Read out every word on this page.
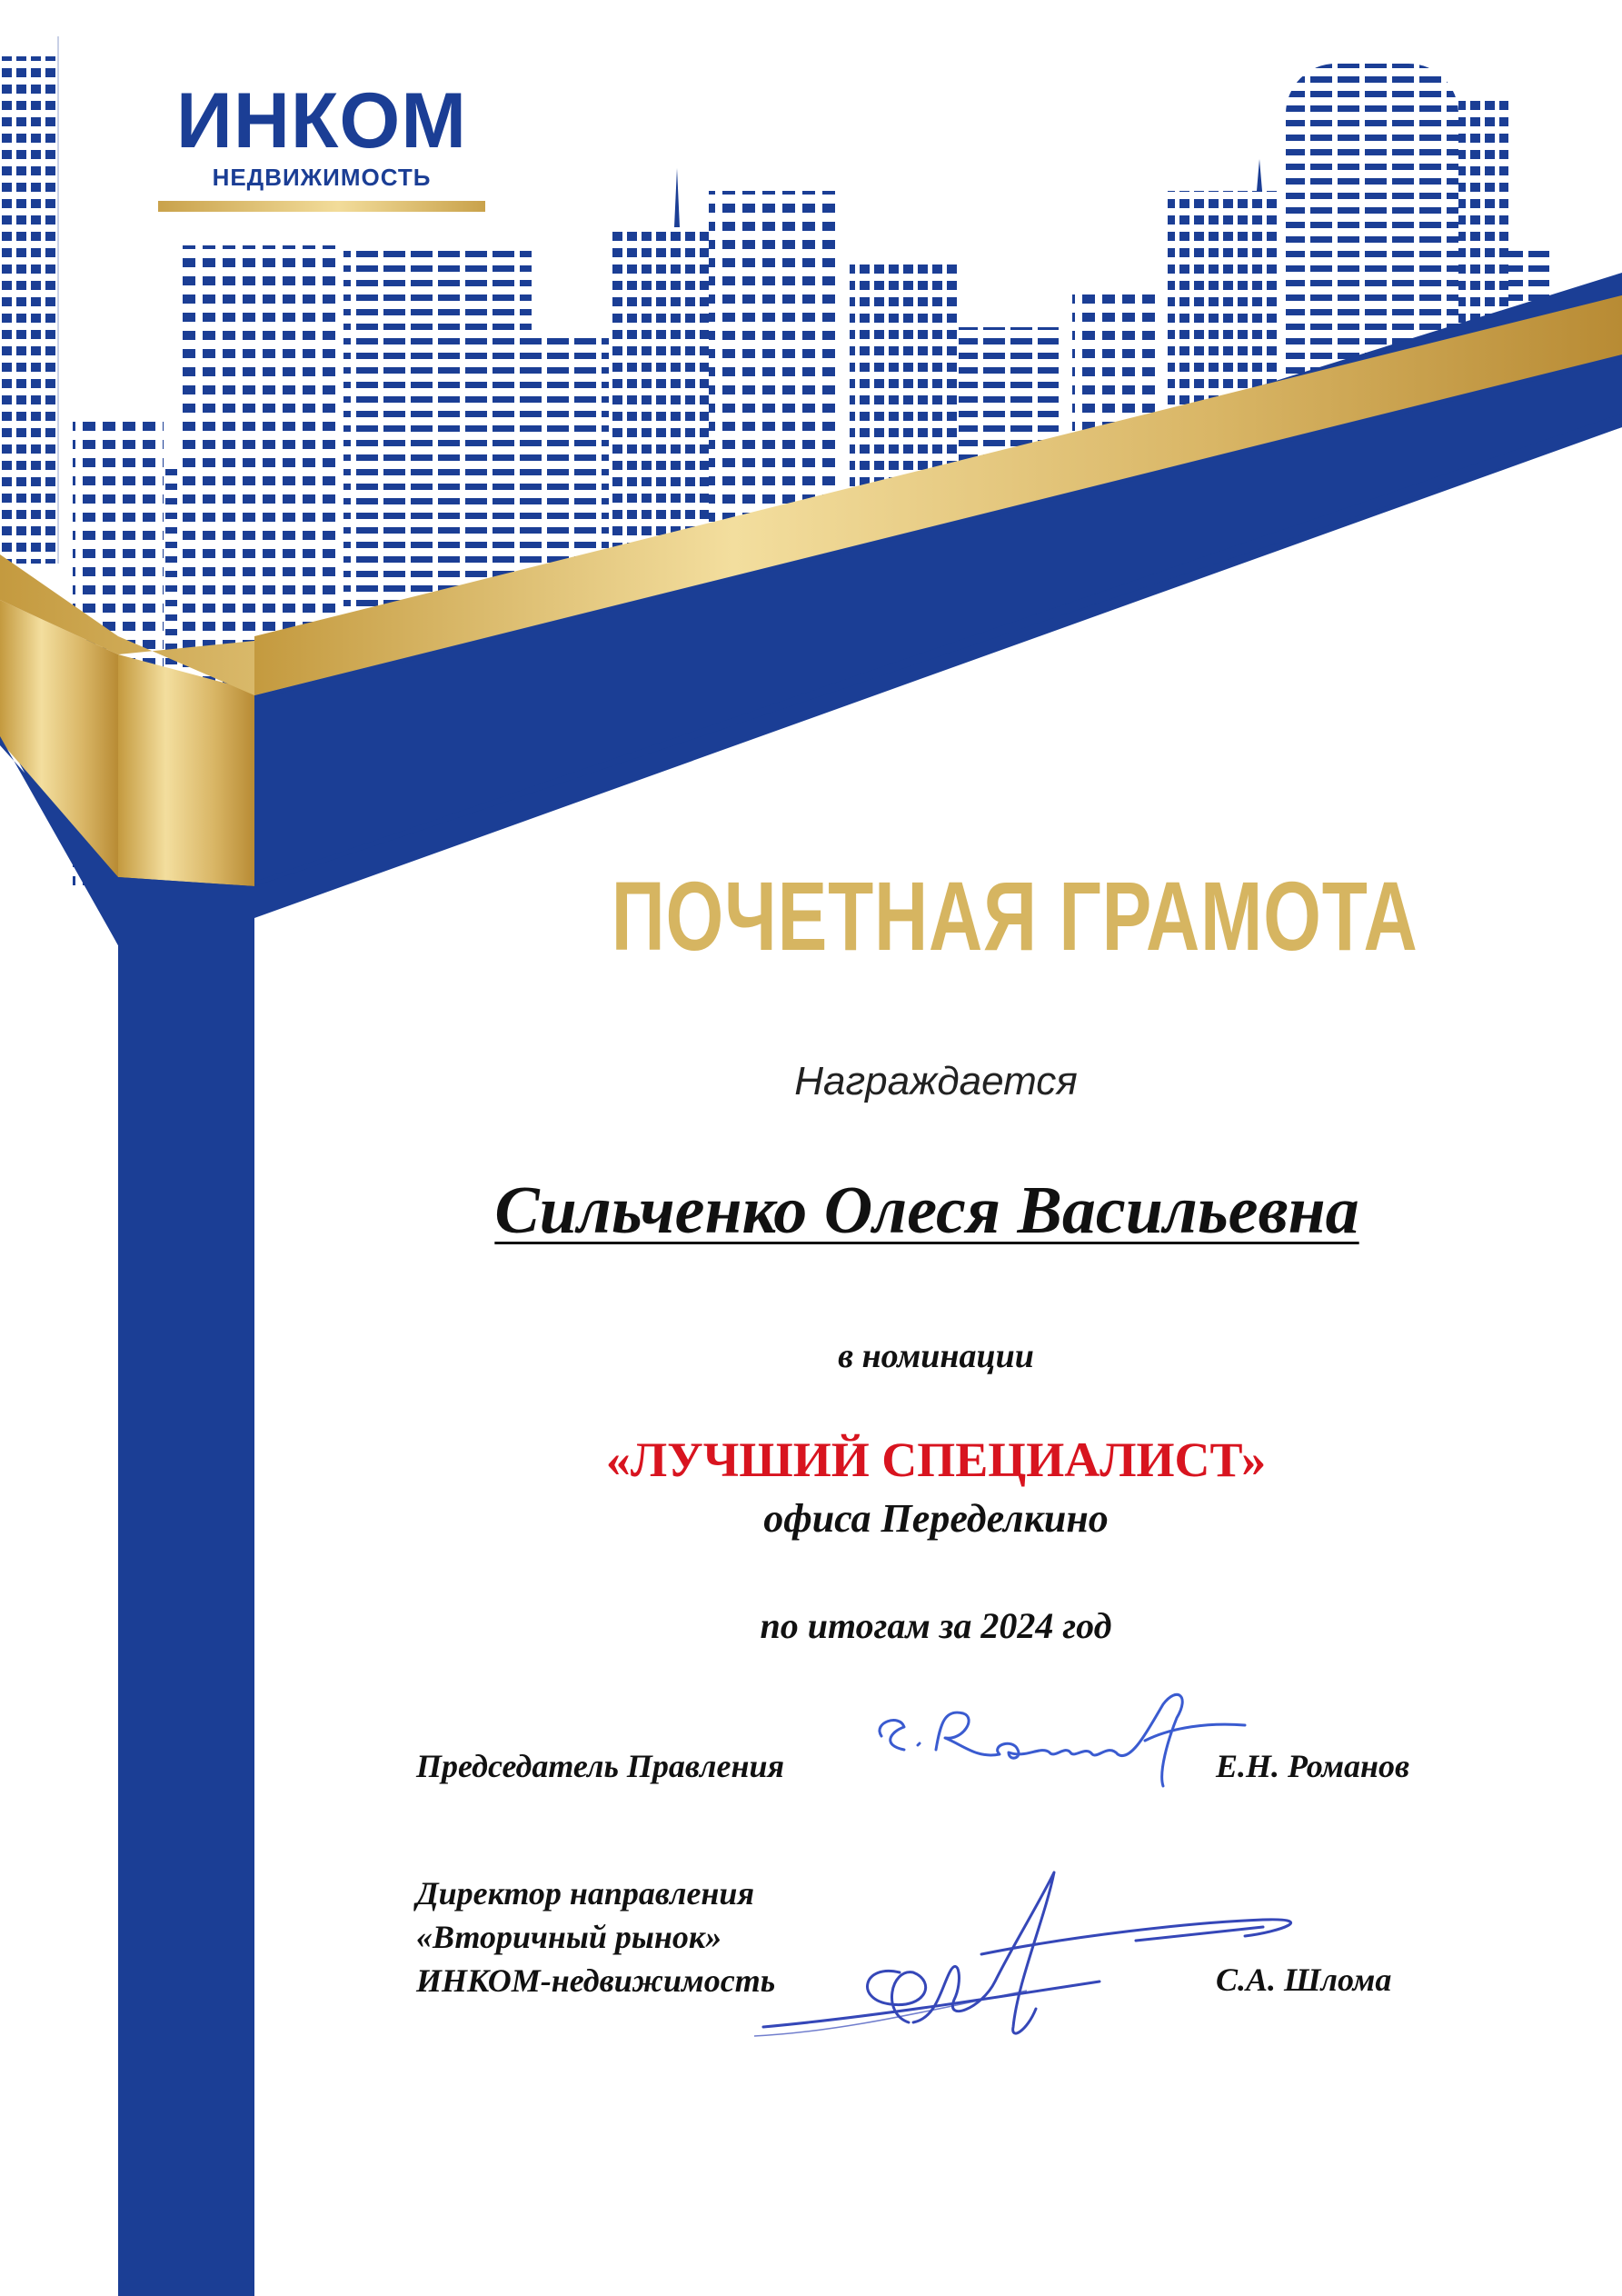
ИНКОМ
НЕДВИЖИМОСТЬ
ПОЧЕТНАЯ ГРАМОТА
Награждается
Сильченко Олеся Васильевна
в номинации
«ЛУЧШИЙ СПЕЦИАЛИСТ»
офиса Переделкино
по итогам за 2024 год
Председатель Правления	Е.Н. Романов
Директор направления
«Вторичный рынок»
ИНКОМ-недвижимость	С.А. Шлома
